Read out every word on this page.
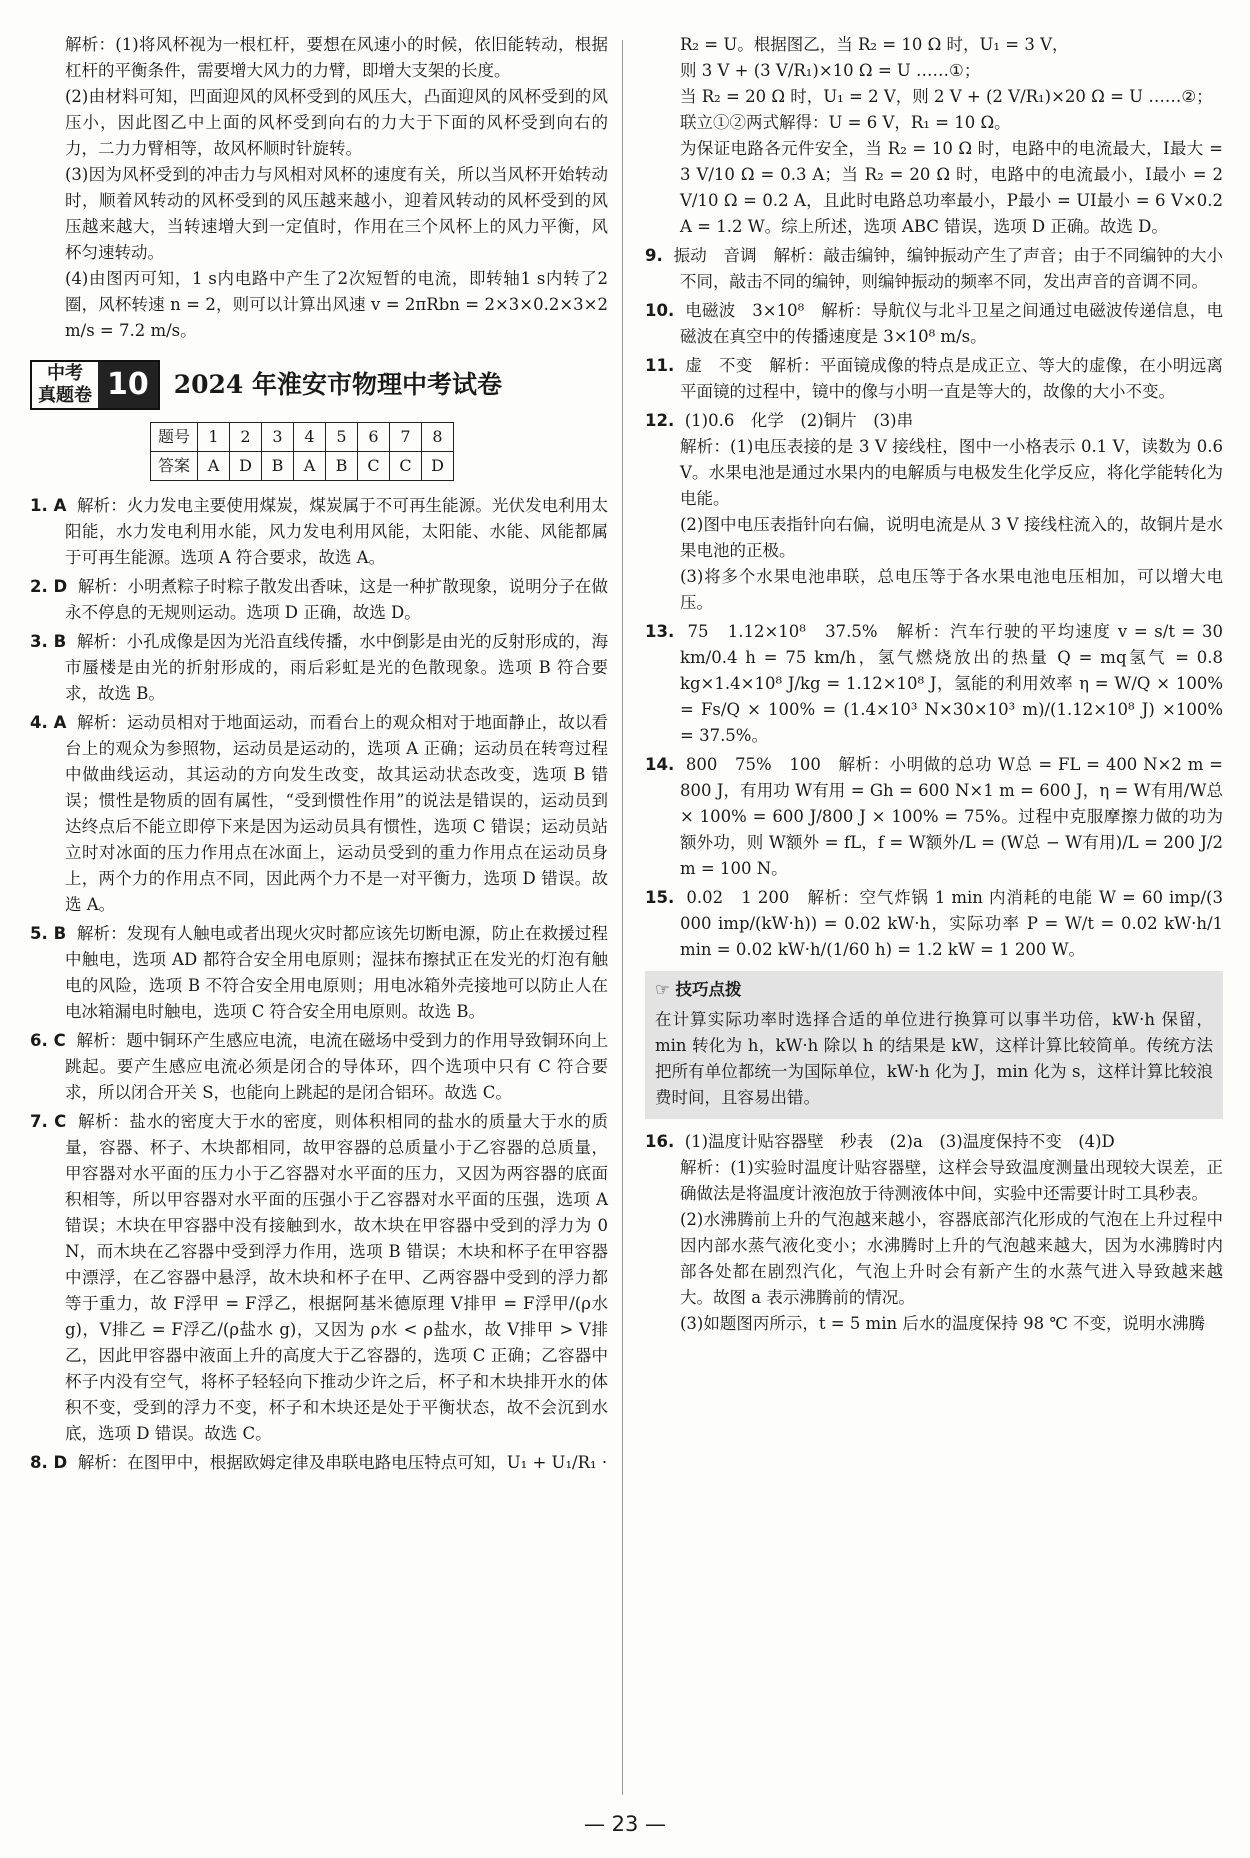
解析：(1)将风杯视为一根杠杆，要想在风速小的时候，依旧能转动，根据杠杆的平衡条件，需要增大风力的力臂，即增大支架的长度。

(2)由材料可知，凹面迎风的风杯受到的风压大，凸面迎风的风杯受到的风压小，因此图乙中上面的风杯受到向右的力大于下面的风杯受到向右的力，二力力臂相等，故风杯顺时针旋转。

(3)因为风杯受到的冲击力与风相对风杯的速度有关，所以当风杯开始转动时，顺着风转动的风杯受到的风压越来越小，迎着风转动的风杯受到的风压越来越大，当转速增大到一定值时，作用在三个风杯上的风力平衡，风杯匀速转动。

(4)由图丙可知，1 s内电路中产生了2次短暂的电流，即转轴1 s内转了2圈，风杯转速 n = 2，则可以计算出风速 v = 2πRbn = 2×3×0.2×3×2 m/s = 7.2 m/s。

中考
真题卷 10	2024 年淮安市物理中考试卷
题号	1	2	3	4	5	6	7	8
答案	A	D	B	A	B	C	C	D

1. A 解析：火力发电主要使用煤炭，煤炭属于不可再生能源。光伏发电利用太阳能，水力发电利用水能，风力发电利用风能，太阳能、水能、风能都属于可再生能源。选项 A 符合要求，故选 A。

2. D 解析：小明煮粽子时粽子散发出香味，这是一种扩散现象，说明分子在做永不停息的无规则运动。选项 D 正确，故选 D。

3. B 解析：小孔成像是因为光沿直线传播，水中倒影是由光的反射形成的，海市蜃楼是由光的折射形成的，雨后彩虹是光的色散现象。选项 B 符合要求，故选 B。

4. A 解析：运动员相对于地面运动，而看台上的观众相对于地面静止，故以看台上的观众为参照物，运动员是运动的，选项 A 正确；运动员在转弯过程中做曲线运动，其运动的方向发生改变，故其运动状态改变，选项 B 错误；惯性是物质的固有属性，“受到惯性作用”的说法是错误的，运动员到达终点后不能立即停下来是因为运动员具有惯性，选项 C 错误；运动员站立时对冰面的压力作用点在冰面上，运动员受到的重力作用点在运动员身上，两个力的作用点不同，因此两个力不是一对平衡力，选项 D 错误。故选 A。

5. B 解析：发现有人触电或者出现火灾时都应该先切断电源，防止在救援过程中触电，选项 AD 都符合安全用电原则；湿抹布擦拭正在发光的灯泡有触电的风险，选项 B 不符合安全用电原则；用电冰箱外壳接地可以防止人在电冰箱漏电时触电，选项 C 符合安全用电原则。故选 B。

6. C 解析：题中铜环产生感应电流，电流在磁场中受到力的作用导致铜环向上跳起。要产生感应电流必须是闭合的导体环，四个选项中只有 C 符合要求，所以闭合开关 S，也能向上跳起的是闭合铝环。故选 C。

7. C 解析：盐水的密度大于水的密度，则体积相同的盐水的质量大于水的质量，容器、杯子、木块都相同，故甲容器的总质量小于乙容器的总质量，甲容器对水平面的压力小于乙容器对水平面的压力，又因为两容器的底面积相等，所以甲容器对水平面的压强小于乙容器对水平面的压强，选项 A 错误；木块在甲容器中没有接触到水，故木块在甲容器中受到的浮力为 0 N，而木块在乙容器中受到浮力作用，选项 B 错误；木块和杯子在甲容器中漂浮，在乙容器中悬浮，故木块和杯子在甲、乙两容器中受到的浮力都等于重力，故 F浮甲 = F浮乙，根据阿基米德原理 V排甲 = F浮甲/(ρ水 g)，V排乙 = F浮乙/(ρ盐水 g)，又因为 ρ水 < ρ盐水，故 V排甲 > V排乙，因此甲容器中液面上升的高度大于乙容器的，选项 C 正确；乙容器中杯子内没有空气，将杯子轻轻向下推动少许之后，杯子和木块排开水的体积不变，受到的浮力不变，杯子和木块还是处于平衡状态，故不会沉到水底，选项 D 错误。故选 C。

8. D 解析：在图甲中，根据欧姆定律及串联电路电压特点可知，U₁ + U₁/R₁ ·

R₂ = U。根据图乙，当 R₂ = 10 Ω 时，U₁ = 3 V，

则 3 V + (3 V/R₁)×10 Ω = U ……①；

当 R₂ = 20 Ω 时，U₁ = 2 V，则 2 V + (2 V/R₁)×20 Ω = U ……②；

联立①②两式解得：U = 6 V，R₁ = 10 Ω。

为保证电路各元件安全，当 R₂ = 10 Ω 时，电路中的电流最大，I最大 = 3 V/10 Ω = 0.3 A；当 R₂ = 20 Ω 时，电路中的电流最小，I最小 = 2 V/10 Ω = 0.2 A，且此时电路总功率最小，P最小 = UI最小 = 6 V×0.2 A = 1.2 W。综上所述，选项 ABC 错误，选项 D 正确。故选 D。

9. 振动　音调　解析：敲击编钟，编钟振动产生了声音；由于不同编钟的大小不同，敲击不同的编钟，则编钟振动的频率不同，发出声音的音调不同。

10. 电磁波　3×10⁸　解析：导航仪与北斗卫星之间通过电磁波传递信息，电磁波在真空中的传播速度是 3×10⁸ m/s。

11. 虚　不变　解析：平面镜成像的特点是成正立、等大的虚像，在小明远离平面镜的过程中，镜中的像与小明一直是等大的，故像的大小不变。

12. (1)0.6　化学　(2)铜片　(3)串

解析：(1)电压表接的是 3 V 接线柱，图中一小格表示 0.1 V，读数为 0.6 V。水果电池是通过水果内的电解质与电极发生化学反应，将化学能转化为电能。

(2)图中电压表指针向右偏，说明电流是从 3 V 接线柱流入的，故铜片是水果电池的正极。

(3)将多个水果电池串联，总电压等于各水果电池电压相加，可以增大电压。

13. 75　1.12×10⁸　37.5%　解析：汽车行驶的平均速度 v = s/t = 30 km/0.4 h = 75 km/h，氢气燃烧放出的热量 Q = mq氢气 = 0.8 kg×1.4×10⁸ J/kg = 1.12×10⁸ J，氢能的利用效率 η = W/Q × 100% = Fs/Q × 100% = (1.4×10³ N×30×10³ m)/(1.12×10⁸ J) ×100% = 37.5%。

14. 800　75%　100　解析：小明做的总功 W总 = FL = 400 N×2 m = 800 J，有用功 W有用 = Gh = 600 N×1 m = 600 J，η = W有用/W总 × 100% = 600 J/800 J × 100% = 75%。过程中克服摩擦力做的功为额外功，则 W额外 = fL，f = W额外/L = (W总 − W有用)/L = 200 J/2 m = 100 N。

15. 0.02　1 200　解析：空气炸锅 1 min 内消耗的电能 W = 60 imp/(3 000 imp/(kW·h)) = 0.02 kW·h，实际功率 P = W/t = 0.02 kW·h/1 min = 0.02 kW·h/(1/60 h) = 1.2 kW = 1 200 W。

☞ 技巧点拨

在计算实际功率时选择合适的单位进行换算可以事半功倍，kW·h 保留，min 转化为 h，kW·h 除以 h 的结果是 kW，这样计算比较简单。传统方法把所有单位都统一为国际单位，kW·h 化为 J，min 化为 s，这样计算比较浪费时间，且容易出错。

16. (1)温度计贴容器壁　秒表　(2)a　(3)温度保持不变　(4)D

解析：(1)实验时温度计贴容器壁，这样会导致温度测量出现较大误差，正确做法是将温度计液泡放于待测液体中间，实验中还需要计时工具秒表。

(2)水沸腾前上升的气泡越来越小，容器底部汽化形成的气泡在上升过程中因内部水蒸气液化变小；水沸腾时上升的气泡越来越大，因为水沸腾时内部各处都在剧烈汽化，气泡上升时会有新产生的水蒸气进入导致越来越大。故图 a 表示沸腾前的情况。

(3)如题图丙所示，t = 5 min 后水的温度保持 98 ℃ 不变，说明水沸腾

— 23 —
